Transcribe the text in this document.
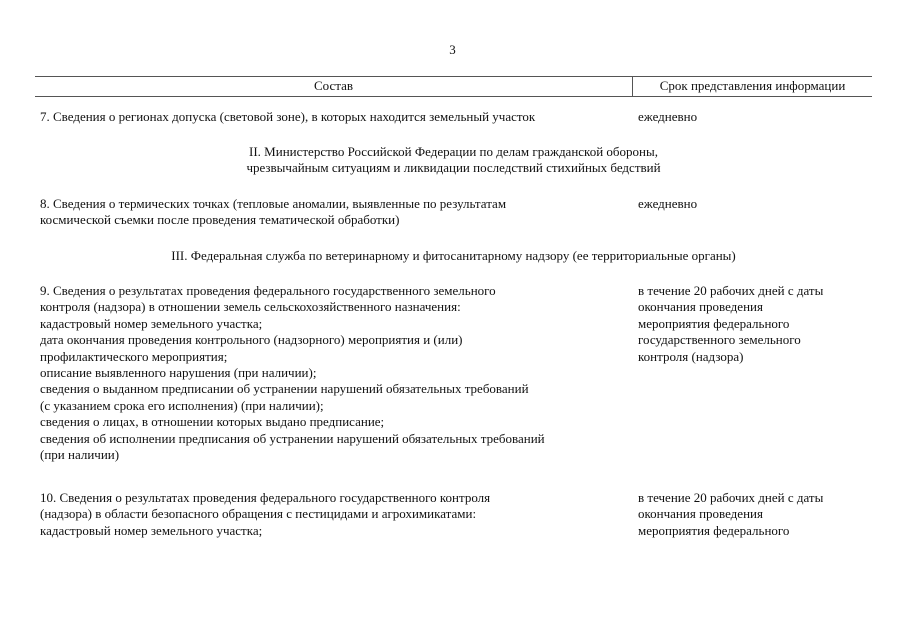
3
Состав	Срок представления информации
7. Сведения о регионах допуска (световой зоне), в которых находится земельный участок	ежедневно
II. Министерство Российской Федерации по делам гражданской обороны,
чрезвычайным ситуациям и ликвидации последствий стихийных бедствий
8. Сведения о термических точках (тепловые аномалии, выявленные по результатам
космической съемки после проведения тематической обработки)
ежедневно
III. Федеральная служба по ветеринарному и фитосанитарному надзору (ее территориальные органы)
9. Сведения о результатах проведения федерального государственного земельного
контроля (надзора) в отношении земель сельскохозяйственного назначения:
кадастровый номер земельного участка;
дата окончания проведения контрольного (надзорного) мероприятия и (или)
профилактического мероприятия;
описание выявленного нарушения (при наличии);
сведения о выданном предписании об устранении нарушений обязательных требований
(с указанием срока его исполнения) (при наличии);
сведения о лицах, в отношении которых выдано предписание;
сведения об исполнении предписания об устранении нарушений обязательных требований
(при наличии)
в течение 20 рабочих дней с даты
окончания проведения
мероприятия федерального
государственного земельного
контроля (надзора)
10. Сведения о результатах проведения федерального государственного контроля
(надзора) в области безопасного обращения с пестицидами и агрохимикатами:
кадастровый номер земельного участка;
в течение 20 рабочих дней с даты
окончания проведения
мероприятия федерального
